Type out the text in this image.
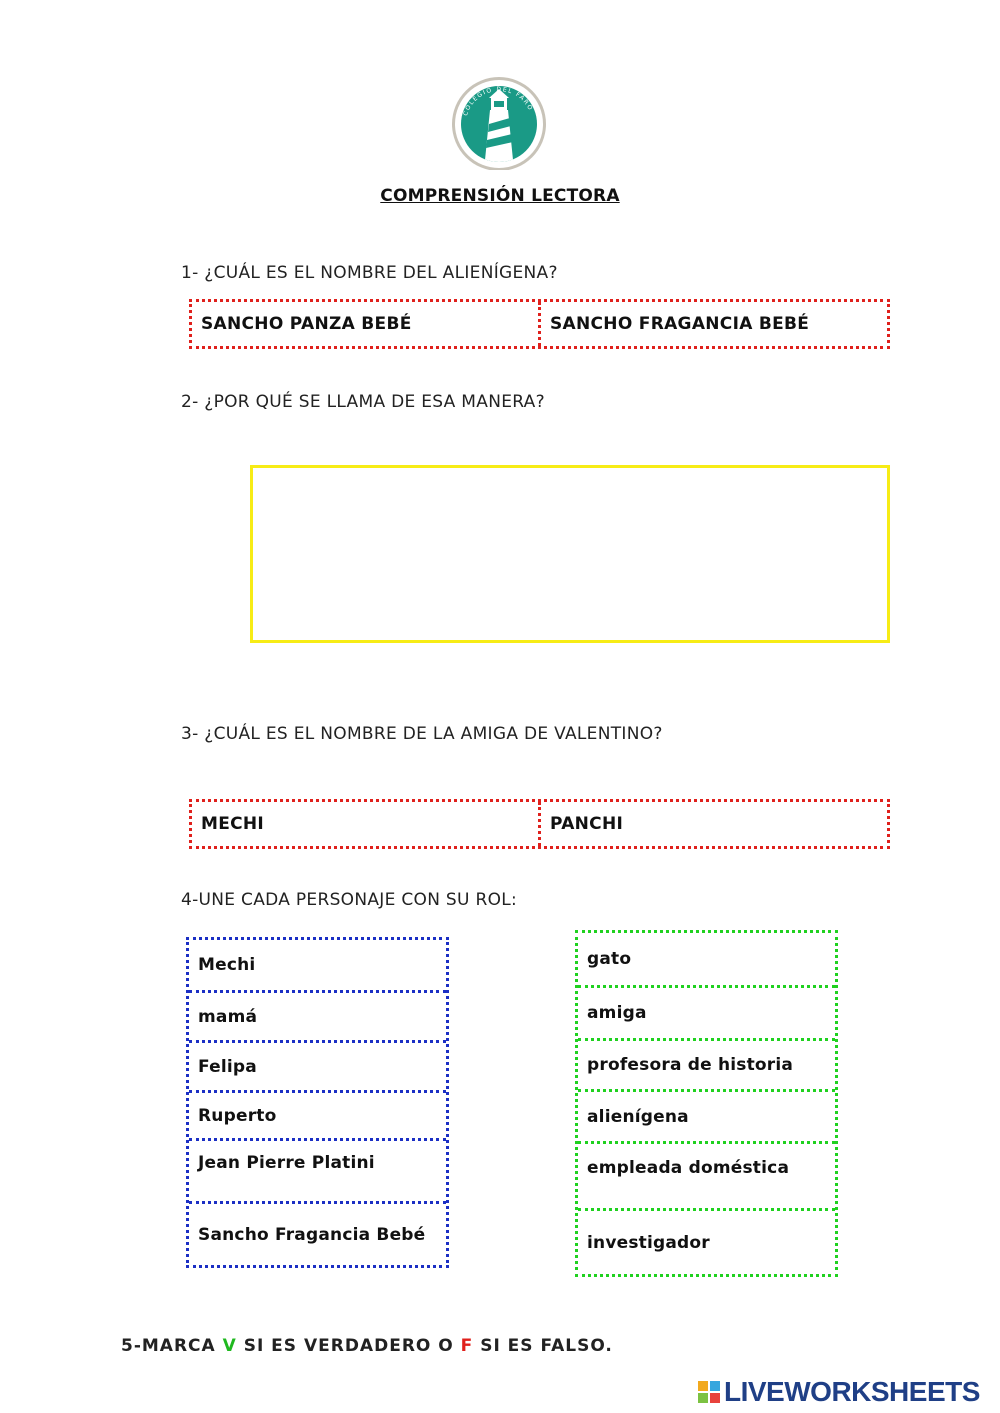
COLEGIO DEL FARO
COMPRENSIÓN LECTORA
1- ¿CUÁL ES EL NOMBRE DEL ALIENÍGENA?
SANCHO PANZA BEBÉ	SANCHO FRAGANCIA BEBÉ
2- ¿POR QUÉ SE LLAMA DE ESA MANERA?
3- ¿CUÁL ES EL NOMBRE DE LA AMIGA DE VALENTINO?
MECHI	PANCHI
4-UNE CADA PERSONAJE CON SU ROL:
Mechi
mamá
Felipa
Ruperto
Jean Pierre Platini
Sancho Fragancia Bebé
gato
amiga
profesora de historia
alienígena
empleada doméstica
investigador
5-MARCA V SI ES VERDADERO O F SI ES FALSO.
LIVEWORKSHEETS
